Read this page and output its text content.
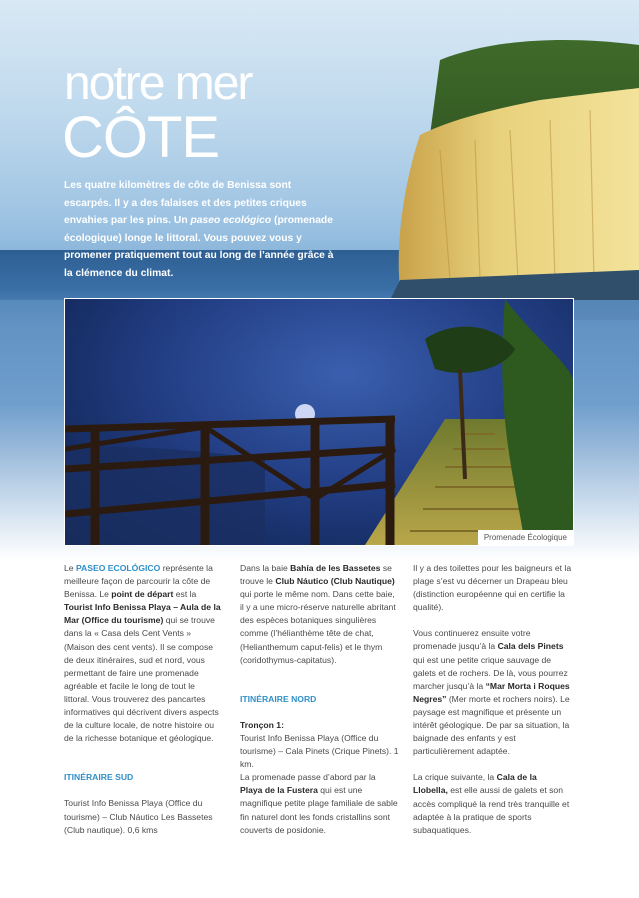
notre mer
CÔTE
Les quatre kilomètres de côte de Benissa sont escarpés. Il y a des falaises et des petites criques envahies par les pins. Un paseo ecológico (promenade écologique) longe le littoral. Vous pouvez vous y promener pratiquement tout au long de l’année grâce à la clémence du climat.
Promenade Écologique

Le PASEO ECOLÓGICO représente la meilleure façon de parcourir la côte de Benissa. Le point de départ est la Tourist Info Benissa Playa – Aula de la Mar (Office du tourisme) qui se trouve dans la « Casa dels Cent Vents » (Maison des cent vents). Il se compose de deux itinéraires, sud et nord, vous permettant de faire une promenade agréable et facile le long de tout le littoral. Vous trouverez des pancartes informatives qui décrivent divers aspects de la culture locale, de notre histoire ou de la richesse botanique et géologique.

ITINÉRAIRE SUD

Tourist Info Benissa Playa (Office du tourisme) – Club Náutico Les Bassetes (Club nautique). 0,6 kms

Dans la baie Bahía de les Bassetes se trouve le Club Náutico (Club Nautique) qui porte le même nom. Dans cette baie, il y a une micro-réserve naturelle abritant des espèces botaniques singulières comme (l’hélianthème tête de chat, (Helianthemum caput-felis) et le thym (coridothymus-capitatus).

ITINÉRAIRE NORD

Tronçon 1:

Tourist Info Benissa Playa (Office du tourisme) – Cala Pinets (Crique Pinets). 1 km.

La promenade passe d’abord par la Playa de la Fustera qui est une magnifique petite plage familiale de sable fin naturel dont les fonds cristallins sont couverts de posidonie.

Il y a des toilettes pour les baigneurs et la plage s’est vu décerner un Drapeau bleu (distinction européenne qui en certifie la qualité).

Vous continuerez ensuite votre promenade jusqu’à la Cala dels Pinets qui est une petite crique sauvage de galets et de rochers. De là, vous pourrez marcher jusqu’à la “Mar Morta i Roques Negres” (Mer morte et rochers noirs). Le paysage est magnifique et présente un intérêt géologique. De par sa situation, la baignade des enfants y est particulièrement adaptée.

La crique suivante, la Cala de la Llobella, est elle aussi de galets et son accès compliqué la rend très tranquille et adaptée à la pratique de sports subaquatiques.
